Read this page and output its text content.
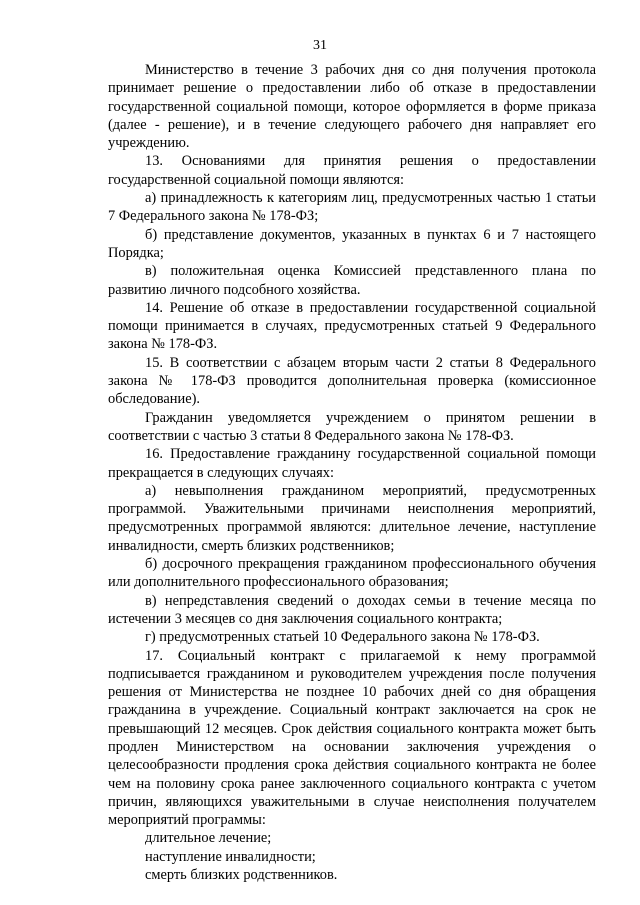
31

Министерство в течение 3 рабочих дня со дня получения протокола принимает решение о предоставлении либо об отказе в предоставлении государственной социальной помощи, которое оформляется в форме приказа (далее - решение), и в течение следующего рабочего дня направляет его учреждению.

13. Основаниями для принятия решения о предоставлении государственной социальной помощи являются:

а) принадлежность к категориям лиц, предусмотренных частью 1 статьи 7 Федерального закона № 178-ФЗ;

б) представление документов, указанных в пунктах 6 и 7 настоящего Порядка;

в) положительная оценка Комиссией представленного плана по развитию личного подсобного хозяйства.

14. Решение об отказе в предоставлении государственной социальной помощи принимается в случаях, предусмотренных статьей 9 Федерального закона № 178-ФЗ.

15. В соответствии с абзацем вторым части 2 статьи 8 Федерального закона № 178-ФЗ проводится дополнительная проверка (комиссионное обследование).

Гражданин уведомляется учреждением о принятом решении в соответствии с частью 3 статьи 8 Федерального закона № 178-ФЗ.

16. Предоставление гражданину государственной социальной помощи прекращается в следующих случаях:

а) невыполнения гражданином мероприятий, предусмотренных программой. Уважительными причинами неисполнения мероприятий, предусмотренных программой являются: длительное лечение, наступление инвалидности, смерть близких родственников;

б) досрочного прекращения гражданином профессионального обучения или дополнительного профессионального образования;

в) непредставления сведений о доходах семьи в течение месяца по истечении 3 месяцев со дня заключения социального контракта;

г) предусмотренных статьей 10 Федерального закона № 178-ФЗ.

17. Социальный контракт с прилагаемой к нему программой подписывается гражданином и руководителем учреждения после получения решения от Министерства не позднее 10 рабочих дней со дня обращения гражданина в учреждение. Социальный контракт заключается на срок не превышающий 12 месяцев. Срок действия социального контракта может быть продлен Министерством на основании заключения учреждения о целесообразности продления срока действия социального контракта не более чем на половину срока ранее заключенного социального контракта с учетом причин, являющихся уважительными в случае неисполнения получателем мероприятий программы:

длительное лечение;

наступление инвалидности;

смерть близких родственников.
